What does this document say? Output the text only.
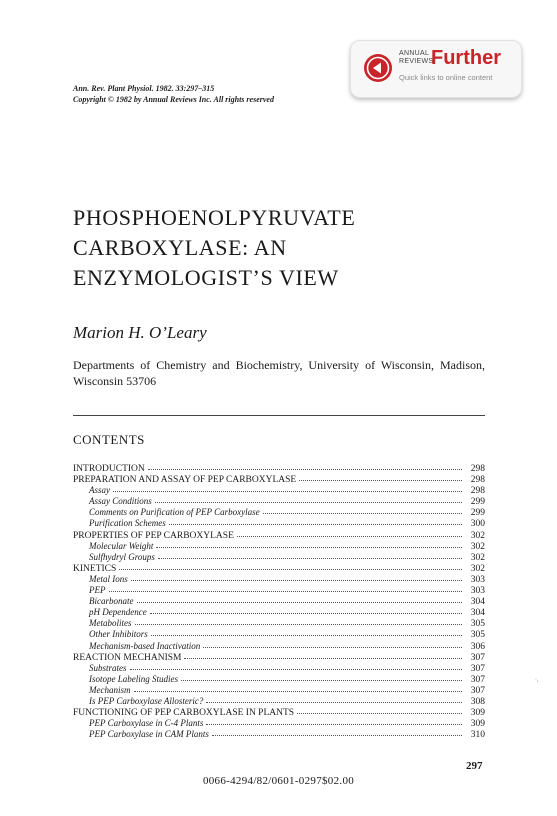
Ann. Rev. Plant Physiol. 1982. 33:297–315
Copyright © 1982 by Annual Reviews Inc. All rights reserved
ANNUAL
REVIEWS
Further
Quick links to online content
PHOSPHOENOLPYRUVATE
CARBOXYLASE: AN
ENZYMOLOGIST’S VIEW
Marion H. O’Leary
Departments of Chemistry and Biochemistry, University of Wisconsin, Madison, Wisconsin 53706
CONTENTS
INTRODUCTION	298
PREPARATION AND ASSAY OF PEP CARBOXYLASE	298
Assay	298
Assay Conditions	299
Comments on Purification of PEP Carboxylase	299
Purification Schemes	300
PROPERTIES OF PEP CARBOXYLASE	302
Molecular Weight	302
Sulfhydryl Groups	302
KINETICS	302
Metal Ions	303
PEP	303
Bicarbonate	304
pH Dependence	304
Metabolites	305
Other Inhibitors	305
Mechanism-based Inactivation	306
REACTION MECHANISM	307
Substrates	307
Isotope Labeling Studies	307
Mechanism	307
Is PEP Carboxylase Allosteric?	308
FUNCTIONING OF PEP CARBOXYLASE IN PLANTS	309
PEP Carboxylase in C-4 Plants	309
PEP Carboxylase in CAM Plants	310
·,
297
0066-4294/82/0601-0297$02.00
